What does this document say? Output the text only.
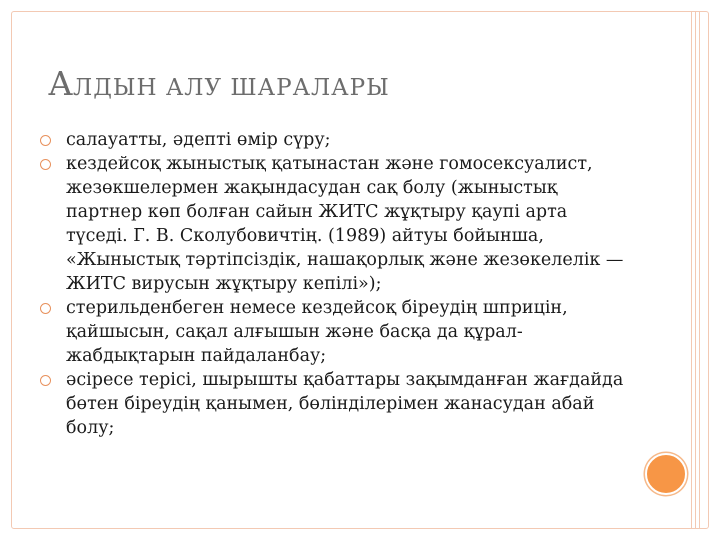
АЛДЫН АЛУ ШАРАЛАРЫ
салауатты, әдепті өмір сүру;
кездейсоқ жыныстық қатынастан және гомосексуалист, жезөкшелермен жақындасудан сақ болу (жыныстық партнер көп болған сайын ЖИТС жұқтыру қаупі арта түседі. Г. В. Сколубовичтің. (1989) айтуы бойынша, «Жыныстық тәртіпсіздік, нашақорлық және жезөкелелік — ЖИТС вирусын жұқтыру кепілі»);
стерильденбеген немесе кездейсоқ біреудің шприцін, қайшысын, сақал алғышын және басқа да құрал-жабдықтарын пайдаланбау;
әсіресе терісі, шырышты қабаттары зақымданған жағдайда бөтен біреудің қанымен, бөлінділерімен жанасудан абай болу;
